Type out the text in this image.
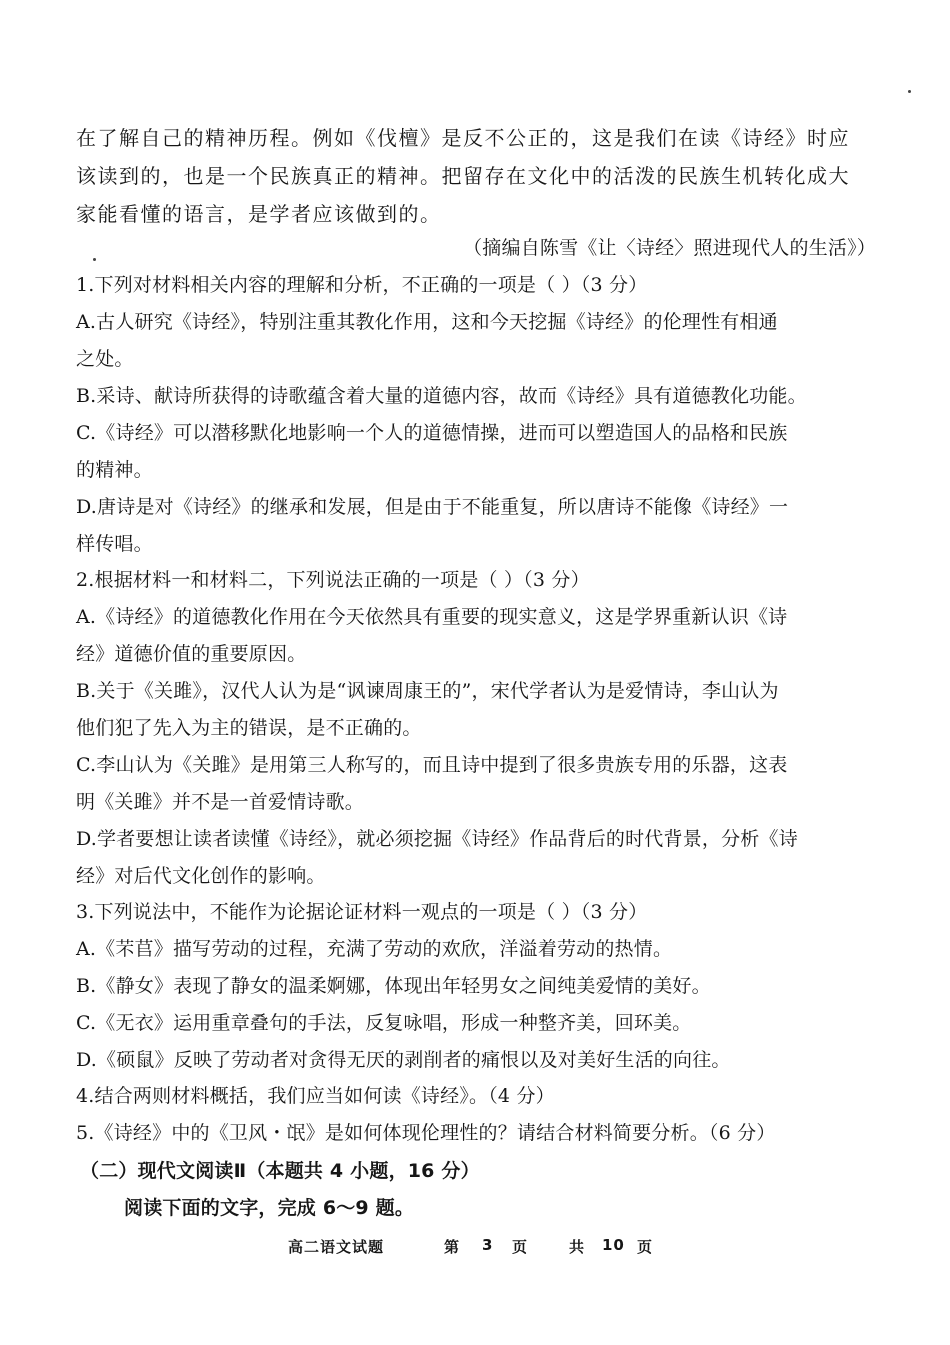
在了解自己的精神历程。例如《伐檀》是反不公正的，这是我们在读《诗经》时应
该读到的，也是一个民族真正的精神。把留存在文化中的活泼的民族生机转化成大
家能看懂的语言，是学者应该做到的。
（摘编自陈雪《让〈诗经〉照进现代人的生活》）
1.下列对材料相关内容的理解和分析，不正确的一项是（ ）（3 分）
A.古人研究《诗经》，特别注重其教化作用，这和今天挖掘《诗经》的伦理性有相通
之处。
B.采诗、献诗所获得的诗歌蕴含着大量的道德内容，故而《诗经》具有道德教化功能。
C.《诗经》可以潜移默化地影响一个人的道德情操，进而可以塑造国人的品格和民族
的精神。
D.唐诗是对《诗经》的继承和发展，但是由于不能重复，所以唐诗不能像《诗经》一
样传唱。
2.根据材料一和材料二，下列说法正确的一项是（ ）（3 分）
A.《诗经》的道德教化作用在今天依然具有重要的现实意义，这是学界重新认识《诗
经》道德价值的重要原因。
B.关于《关雎》，汉代人认为是“讽谏周康王的”，宋代学者认为是爱情诗，李山认为
他们犯了先入为主的错误，是不正确的。
C.李山认为《关雎》是用第三人称写的，而且诗中提到了很多贵族专用的乐器，这表
明《关雎》并不是一首爱情诗歌。
D.学者要想让读者读懂《诗经》，就必须挖掘《诗经》作品背后的时代背景，分析《诗
经》对后代文化创作的影响。
3.下列说法中，不能作为论据论证材料一观点的一项是（ ）（3 分）
A.《芣苢》描写劳动的过程，充满了劳动的欢欣，洋溢着劳动的热情。
B.《静女》表现了静女的温柔婀娜，体现出年轻男女之间纯美爱情的美好。
C.《无衣》运用重章叠句的手法，反复咏唱，形成一种整齐美，回环美。
D.《硕鼠》反映了劳动者对贪得无厌的剥削者的痛恨以及对美好生活的向往。
4.结合两则材料概括，我们应当如何读《诗经》。（4 分）
5.《诗经》中的《卫风・氓》是如何体现伦理性的？请结合材料简要分析。（6 分）
（二）现代文阅读Ⅱ（本题共 4 小题，16 分）
阅读下面的文字，完成 6～9 题。
高二语文试题	第 3 页	共 10 页
